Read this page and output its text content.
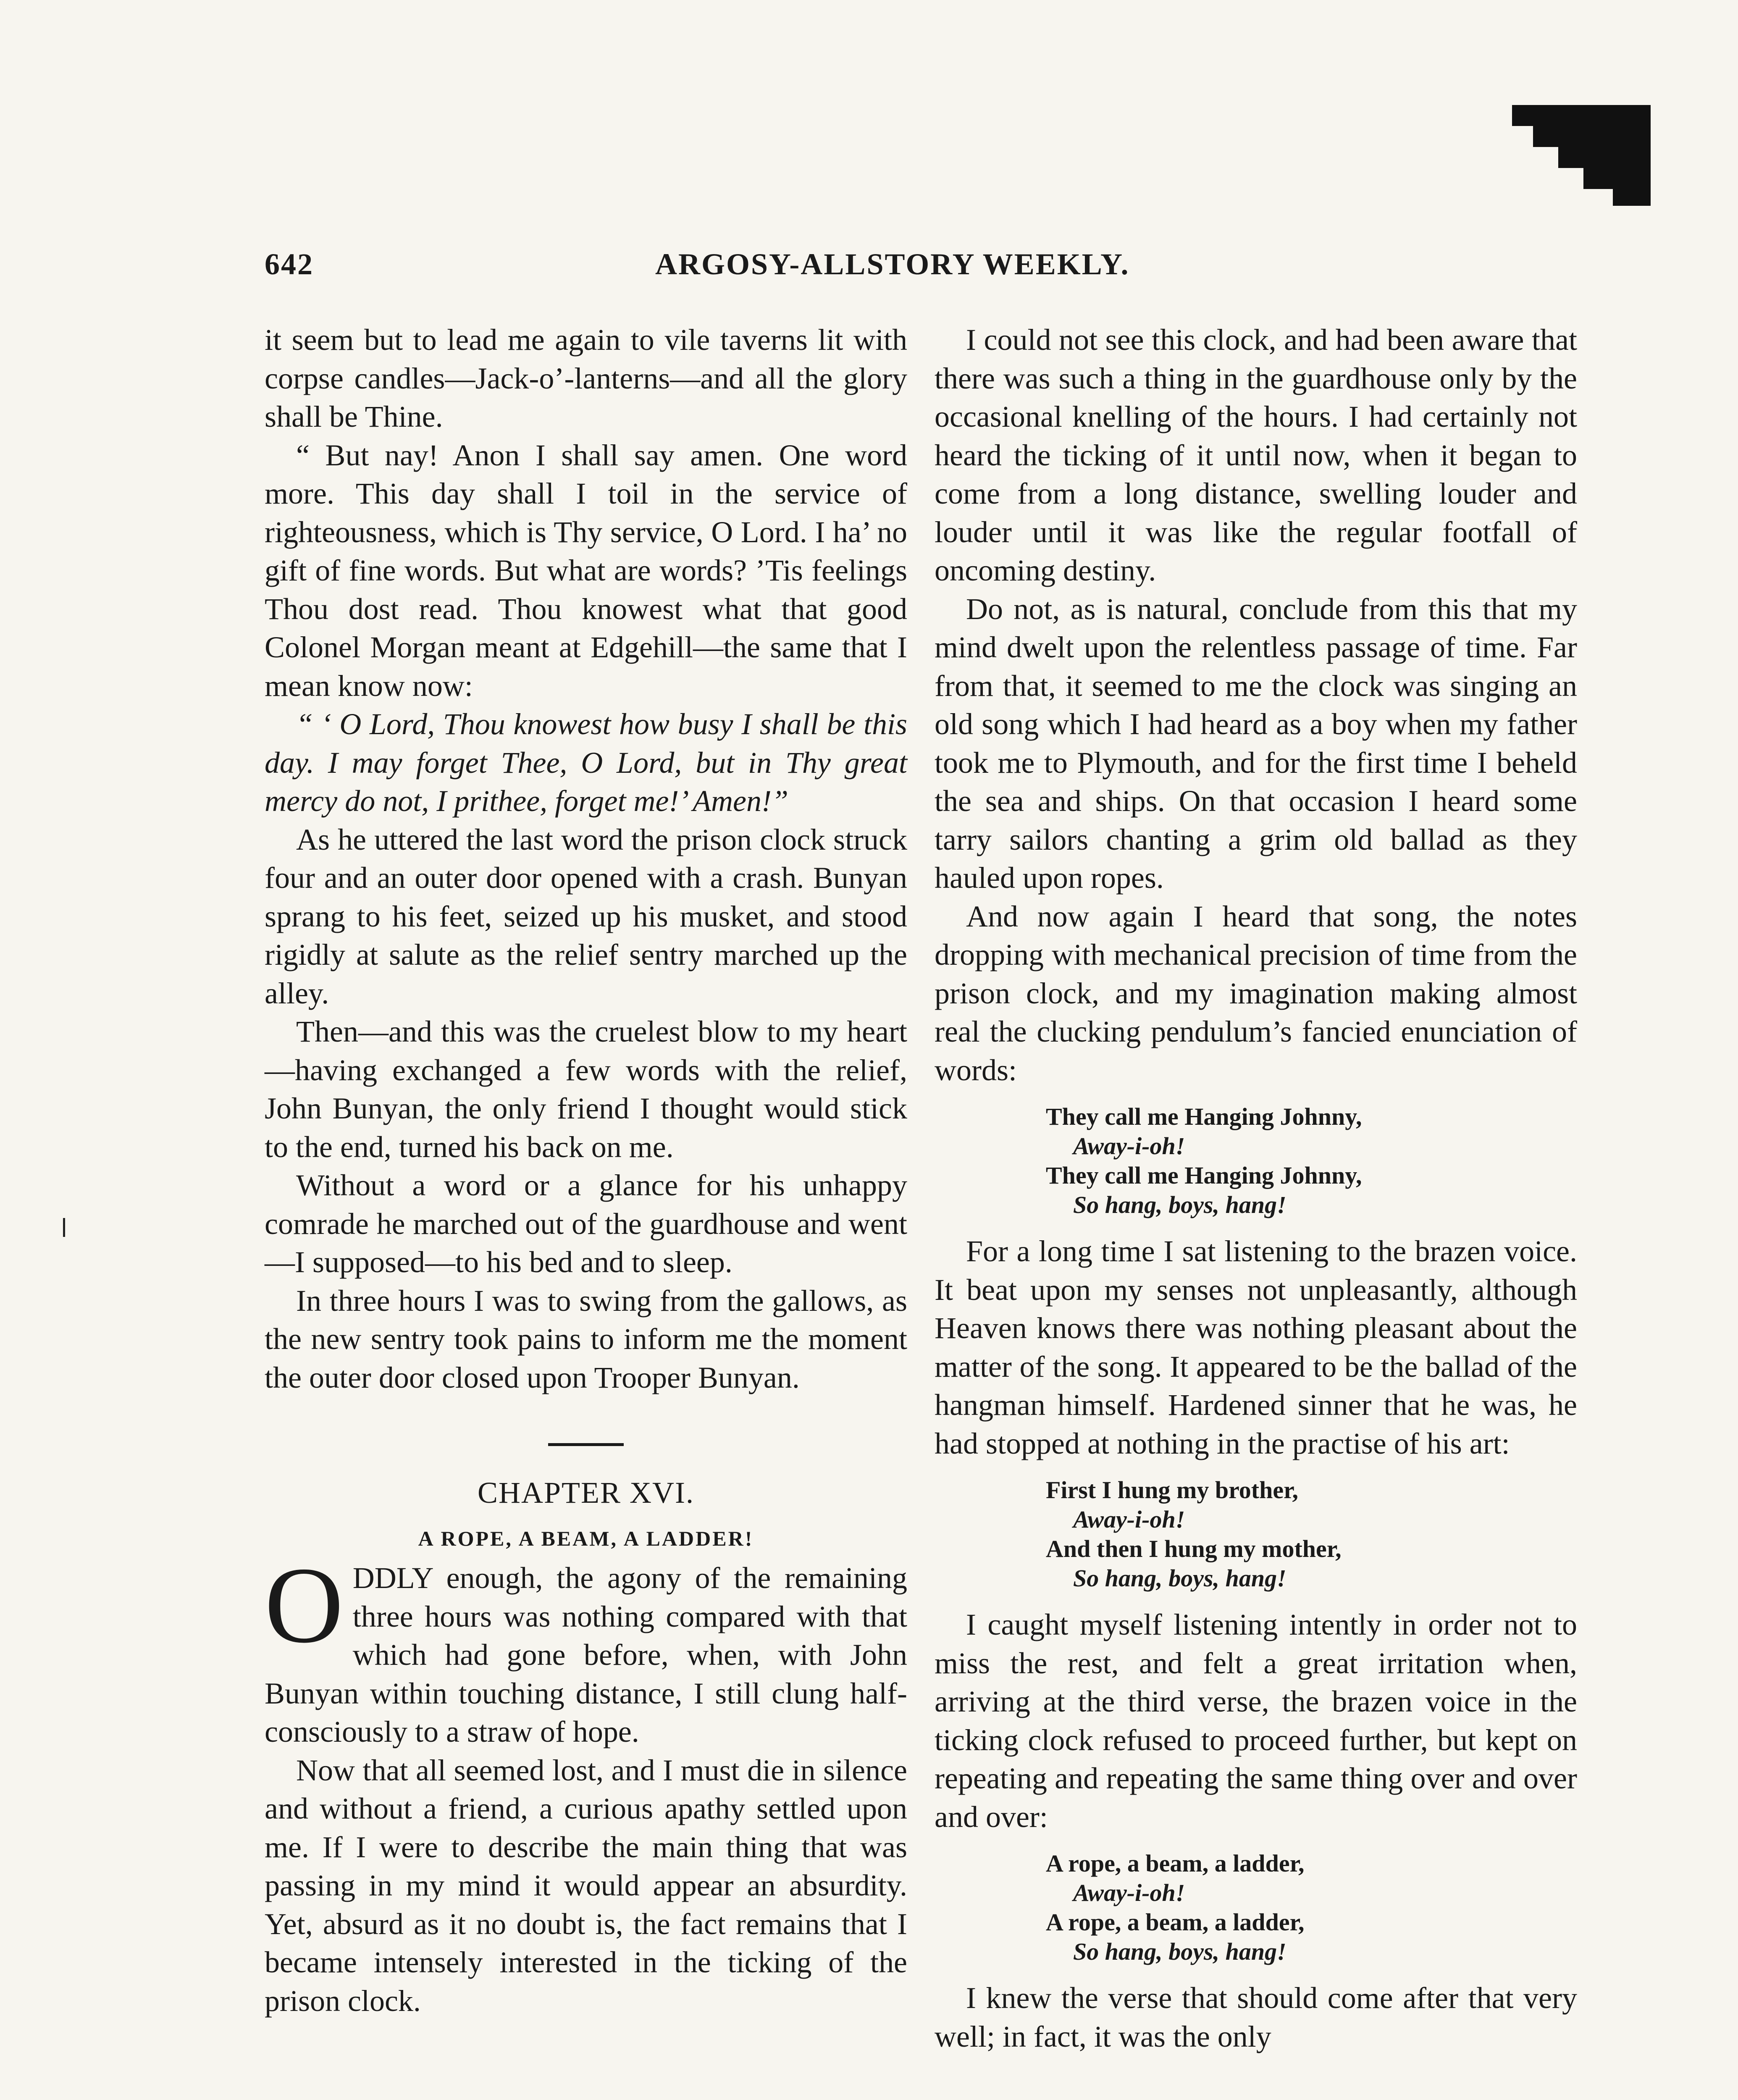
642	ARGOSY-ALLSTORY WEEKLY.

it seem but to lead me again to vile taverns lit with corpse candles—Jack-o’-lanterns—and all the glory shall be Thine.

“ But nay! Anon I shall say amen. One word more. This day shall I toil in the service of righteousness, which is Thy service, O Lord. I ha’ no gift of fine words. But what are words? ’Tis feelings Thou dost read. Thou knowest what that good Colonel Morgan meant at Edgehill—the same that I mean know now:

“ ‘ O Lord, Thou knowest how busy I shall be this day. I may forget Thee, O Lord, but in Thy great mercy do not, I prithee, forget me!’ Amen!”

As he uttered the last word the prison clock struck four and an outer door opened with a crash. Bunyan sprang to his feet, seized up his musket, and stood rigidly at salute as the relief sentry marched up the alley.

Then—and this was the cruelest blow to my heart—having exchanged a few words with the relief, John Bunyan, the only friend I thought would stick to the end, turned his back on me.

Without a word or a glance for his unhappy comrade he marched out of the guardhouse and went—I supposed—to his bed and to sleep.

In three hours I was to swing from the gallows, as the new sentry took pains to inform me the moment the outer door closed upon Trooper Bunyan.

CHAPTER XVI.
A ROPE, A BEAM, A LADDER!

ODDLY enough, the agony of the remaining three hours was nothing compared with that which had gone before, when, with John Bunyan within touching distance, I still clung half-consciously to a straw of hope.

Now that all seemed lost, and I must die in silence and without a friend, a curious apathy settled upon me. If I were to describe the main thing that was passing in my mind it would appear an absurdity. Yet, absurd as it no doubt is, the fact remains that I became intensely interested in the ticking of the prison clock.

I could not see this clock, and had been aware that there was such a thing in the guardhouse only by the occasional knelling of the hours. I had certainly not heard the ticking of it until now, when it began to come from a long distance, swelling louder and louder until it was like the regular footfall of oncoming destiny.

Do not, as is natural, conclude from this that my mind dwelt upon the relentless passage of time. Far from that, it seemed to me the clock was singing an old song which I had heard as a boy when my father took me to Plymouth, and for the first time I beheld the sea and ships. On that occasion I heard some tarry sailors chanting a grim old ballad as they hauled upon ropes.

And now again I heard that song, the notes dropping with mechanical precision of time from the prison clock, and my imagination making almost real the clucking pendulum’s fancied enunciation of words:

They call me Hanging Johnny,
Away-i-oh!
They call me Hanging Johnny,
So hang, boys, hang!

For a long time I sat listening to the brazen voice. It beat upon my senses not unpleasantly, although Heaven knows there was nothing pleasant about the matter of the song. It appeared to be the ballad of the hangman himself. Hardened sinner that he was, he had stopped at nothing in the practise of his art:

First I hung my brother,
Away-i-oh!
And then I hung my mother,
So hang, boys, hang!

I caught myself listening intently in order not to miss the rest, and felt a great irritation when, arriving at the third verse, the brazen voice in the ticking clock refused to proceed further, but kept on repeating and repeating the same thing over and over and over:

A rope, a beam, a ladder,
Away-i-oh!
A rope, a beam, a ladder,
So hang, boys, hang!

I knew the verse that should come after that very well; in fact, it was the only
